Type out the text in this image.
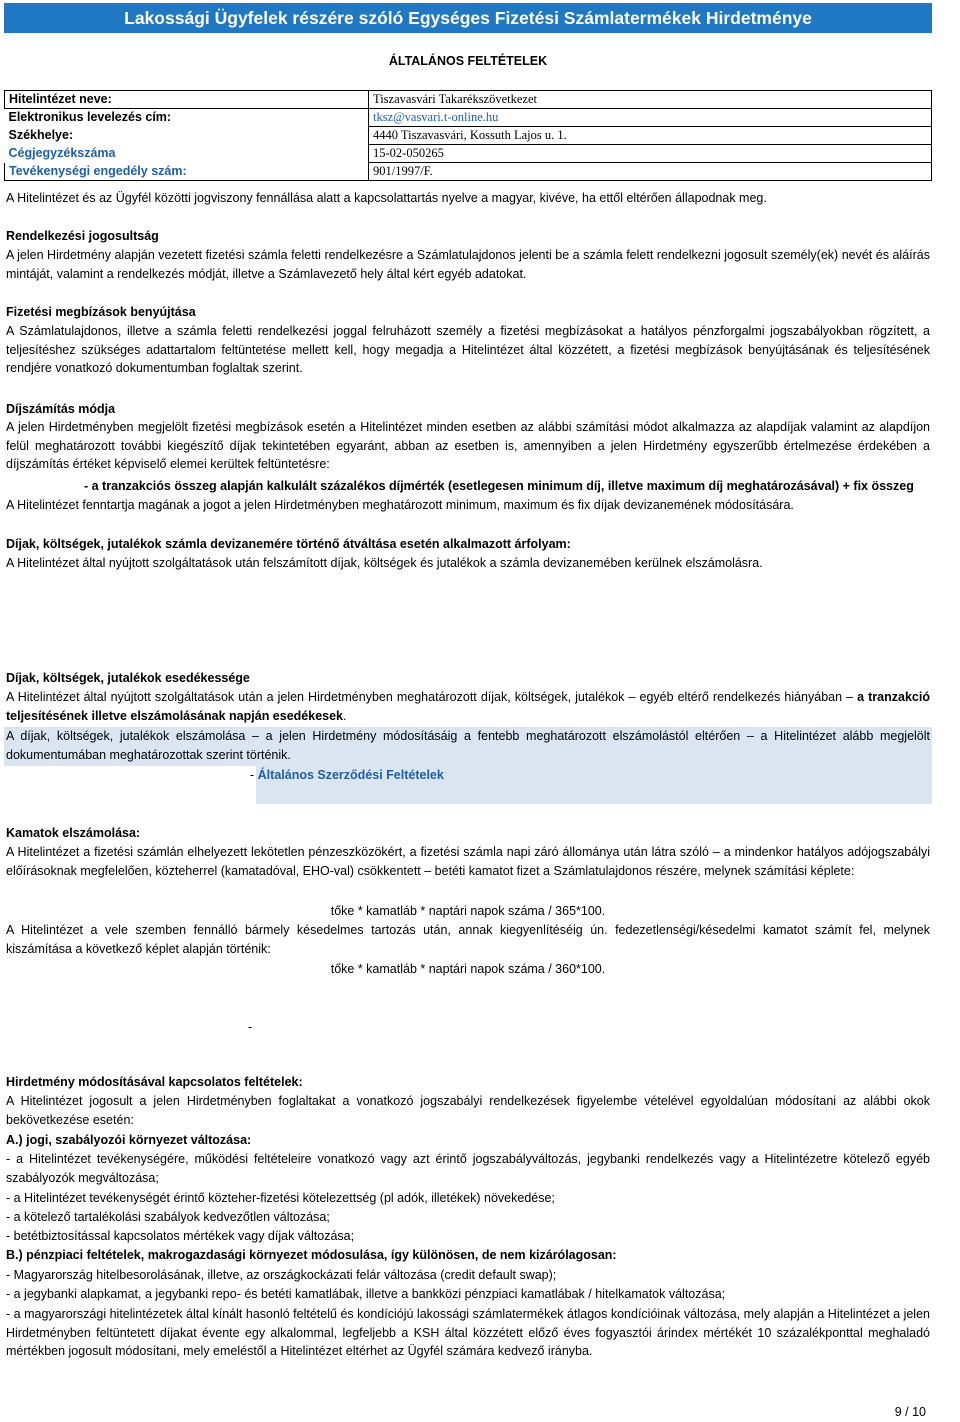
Lakossági Ügyfelek részére szóló Egységes Fizetési Számlatermékek Hirdetménye
ÁLTALÁNOS FELTÉTELEK
Hitelintézet neve:	Tiszavasvári Takarékszövetkezet
Elektronikus levelezés cím:	tksz@vasvari.t-online.hu
Székhelye:	4440 Tiszavasvári, Kossuth Lajos u. 1.
Cégjegyzékszáma	15-02-050265
Tevékenységi engedély szám:	901/1997/F.
A Hitelintézet és az Ügyfél közötti jogviszony fennállása alatt a kapcsolattartás nyelve a magyar, kivéve, ha ettől eltérően állapodnak meg.
Rendelkezési jogosultság
A jelen Hirdetmény alapján vezetett fizetési számla feletti rendelkezésre a Számlatulajdonos jelenti be a számla felett rendelkezni jogosult személy(ek) nevét és aláírás mintáját, valamint a rendelkezés módját, illetve a Számlavezető hely által kért egyéb adatokat.
Fizetési megbízások benyújtása
A Számlatulajdonos, illetve a számla feletti rendelkezési joggal felruházott személy a fizetési megbízásokat a hatályos pénzforgalmi jogszabályokban rögzített, a teljesítéshez szükséges adattartalom feltüntetése mellett kell, hogy megadja a Hitelintézet által közzétett, a fizetési megbízások benyújtásának és teljesítésének rendjére vonatkozó dokumentumban foglaltak szerint.
Díjszámítás módja
A jelen Hirdetményben megjelölt fizetési megbízások esetén a Hitelintézet minden esetben az alábbi számítási módot alkalmazza az alapdíjak valamint az alapdíjon felül meghatározott további kiegészítő díjak tekintetében egyaránt, abban az esetben is, amennyiben a jelen Hirdetmény egyszerűbb értelmezése érdekében a díjszámítás értéket képviselő elemei kerültek feltüntetésre:
- a tranzakciós összeg alapján kalkulált százalékos díjmérték (esetlegesen minimum díj, illetve maximum díj meghatározásával) + fix összeg
A Hitelintézet fenntartja magának a jogot a jelen Hirdetményben meghatározott minimum, maximum és fix díjak devizanemének módosítására.
Díjak, költségek, jutalékok számla devizanemére történő átváltása esetén alkalmazott árfolyam:
A Hitelintézet által nyújtott szolgáltatások után felszámított díjak, költségek és jutalékok a számla devizanemében kerülnek elszámolásra.
Díjak, költségek, jutalékok esedékessége
A Hitelintézet által nyújtott szolgáltatások után a jelen Hirdetményben meghatározott díjak, költségek, jutalékok – egyéb eltérő rendelkezés hiányában – a tranzakció teljesítésének illetve elszámolásának napján esedékesek.
A díjak, költségek, jutalékok elszámolása – a jelen Hirdetmény módosításáig a fentebb meghatározott elszámolástól eltérően – a Hitelintézet alább megjelölt dokumentumában meghatározottak szerint történik.
- Általános Szerződési Feltételek
Kamatok elszámolása:
A Hitelintézet a fizetési számlán elhelyezett lekötetlen pénzeszközökért, a fizetési számla napi záró állománya után látra szóló – a mindenkor hatályos adójogszabályi előírásoknak megfelelően, közteherrel (kamatadóval, EHO-val) csökkentett – betéti kamatot fizet a Számlatulajdonos részére, melynek számítási képlete:
tőke * kamatláb * naptári napok száma / 365*100.
A Hitelintézet a vele szemben fennálló bármely késedelmes tartozás után, annak kiegyenlítéséig ún. fedezetlenségi/késedelmi kamatot számít fel, melynek kiszámítása a következő képlet alapján történik:
tőke * kamatláb * naptári napok száma / 360*100.
-
Hirdetmény módosításával kapcsolatos feltételek:
A Hitelintézet jogosult a jelen Hirdetményben foglaltakat a vonatkozó jogszabályi rendelkezések figyelembe vételével egyoldalúan módosítani az alábbi okok bekövetkezése esetén:
A.) jogi, szabályozói környezet változása:
- a Hitelintézet tevékenységére, működési feltételeire vonatkozó vagy azt érintő jogszabályváltozás, jegybanki rendelkezés vagy a Hitelintézetre kötelező egyéb szabályozók megváltozása;
- a Hitelintézet tevékenységét érintő közteher-fizetési kötelezettség (pl adók, illetékek) növekedése;
- a kötelező tartalékolási szabályok kedvezőtlen változása;
- betétbiztosítással kapcsolatos mértékek vagy díjak változása;
B.) pénzpiaci feltételek, makrogazdasági környezet módosulása, így különösen, de nem kizárólagosan:
- Magyarország hitelbesorolásának, illetve, az országkockázati felár változása (credit default swap);
- a jegybanki alapkamat, a jegybanki repo- és betéti kamatlábak, illetve a bankközi pénzpiaci kamatlábak / hitelkamatok változása;
- a magyarországi hitelintézetek által kínált hasonló feltételű és kondíciójú lakossági számlatermékek átlagos kondícióinak változása, mely alapján a Hitelintézet a jelen Hirdetményben feltüntetett díjakat évente egy alkalommal, legfeljebb a KSH által közzétett előző éves fogyasztói árindex mértékét 10 százalékponttal meghaladó mértékben jogosult módosítani, mely emeléstől a Hitelintézet eltérhet az Ügyfél számára kedvező irányba.
9 / 10
